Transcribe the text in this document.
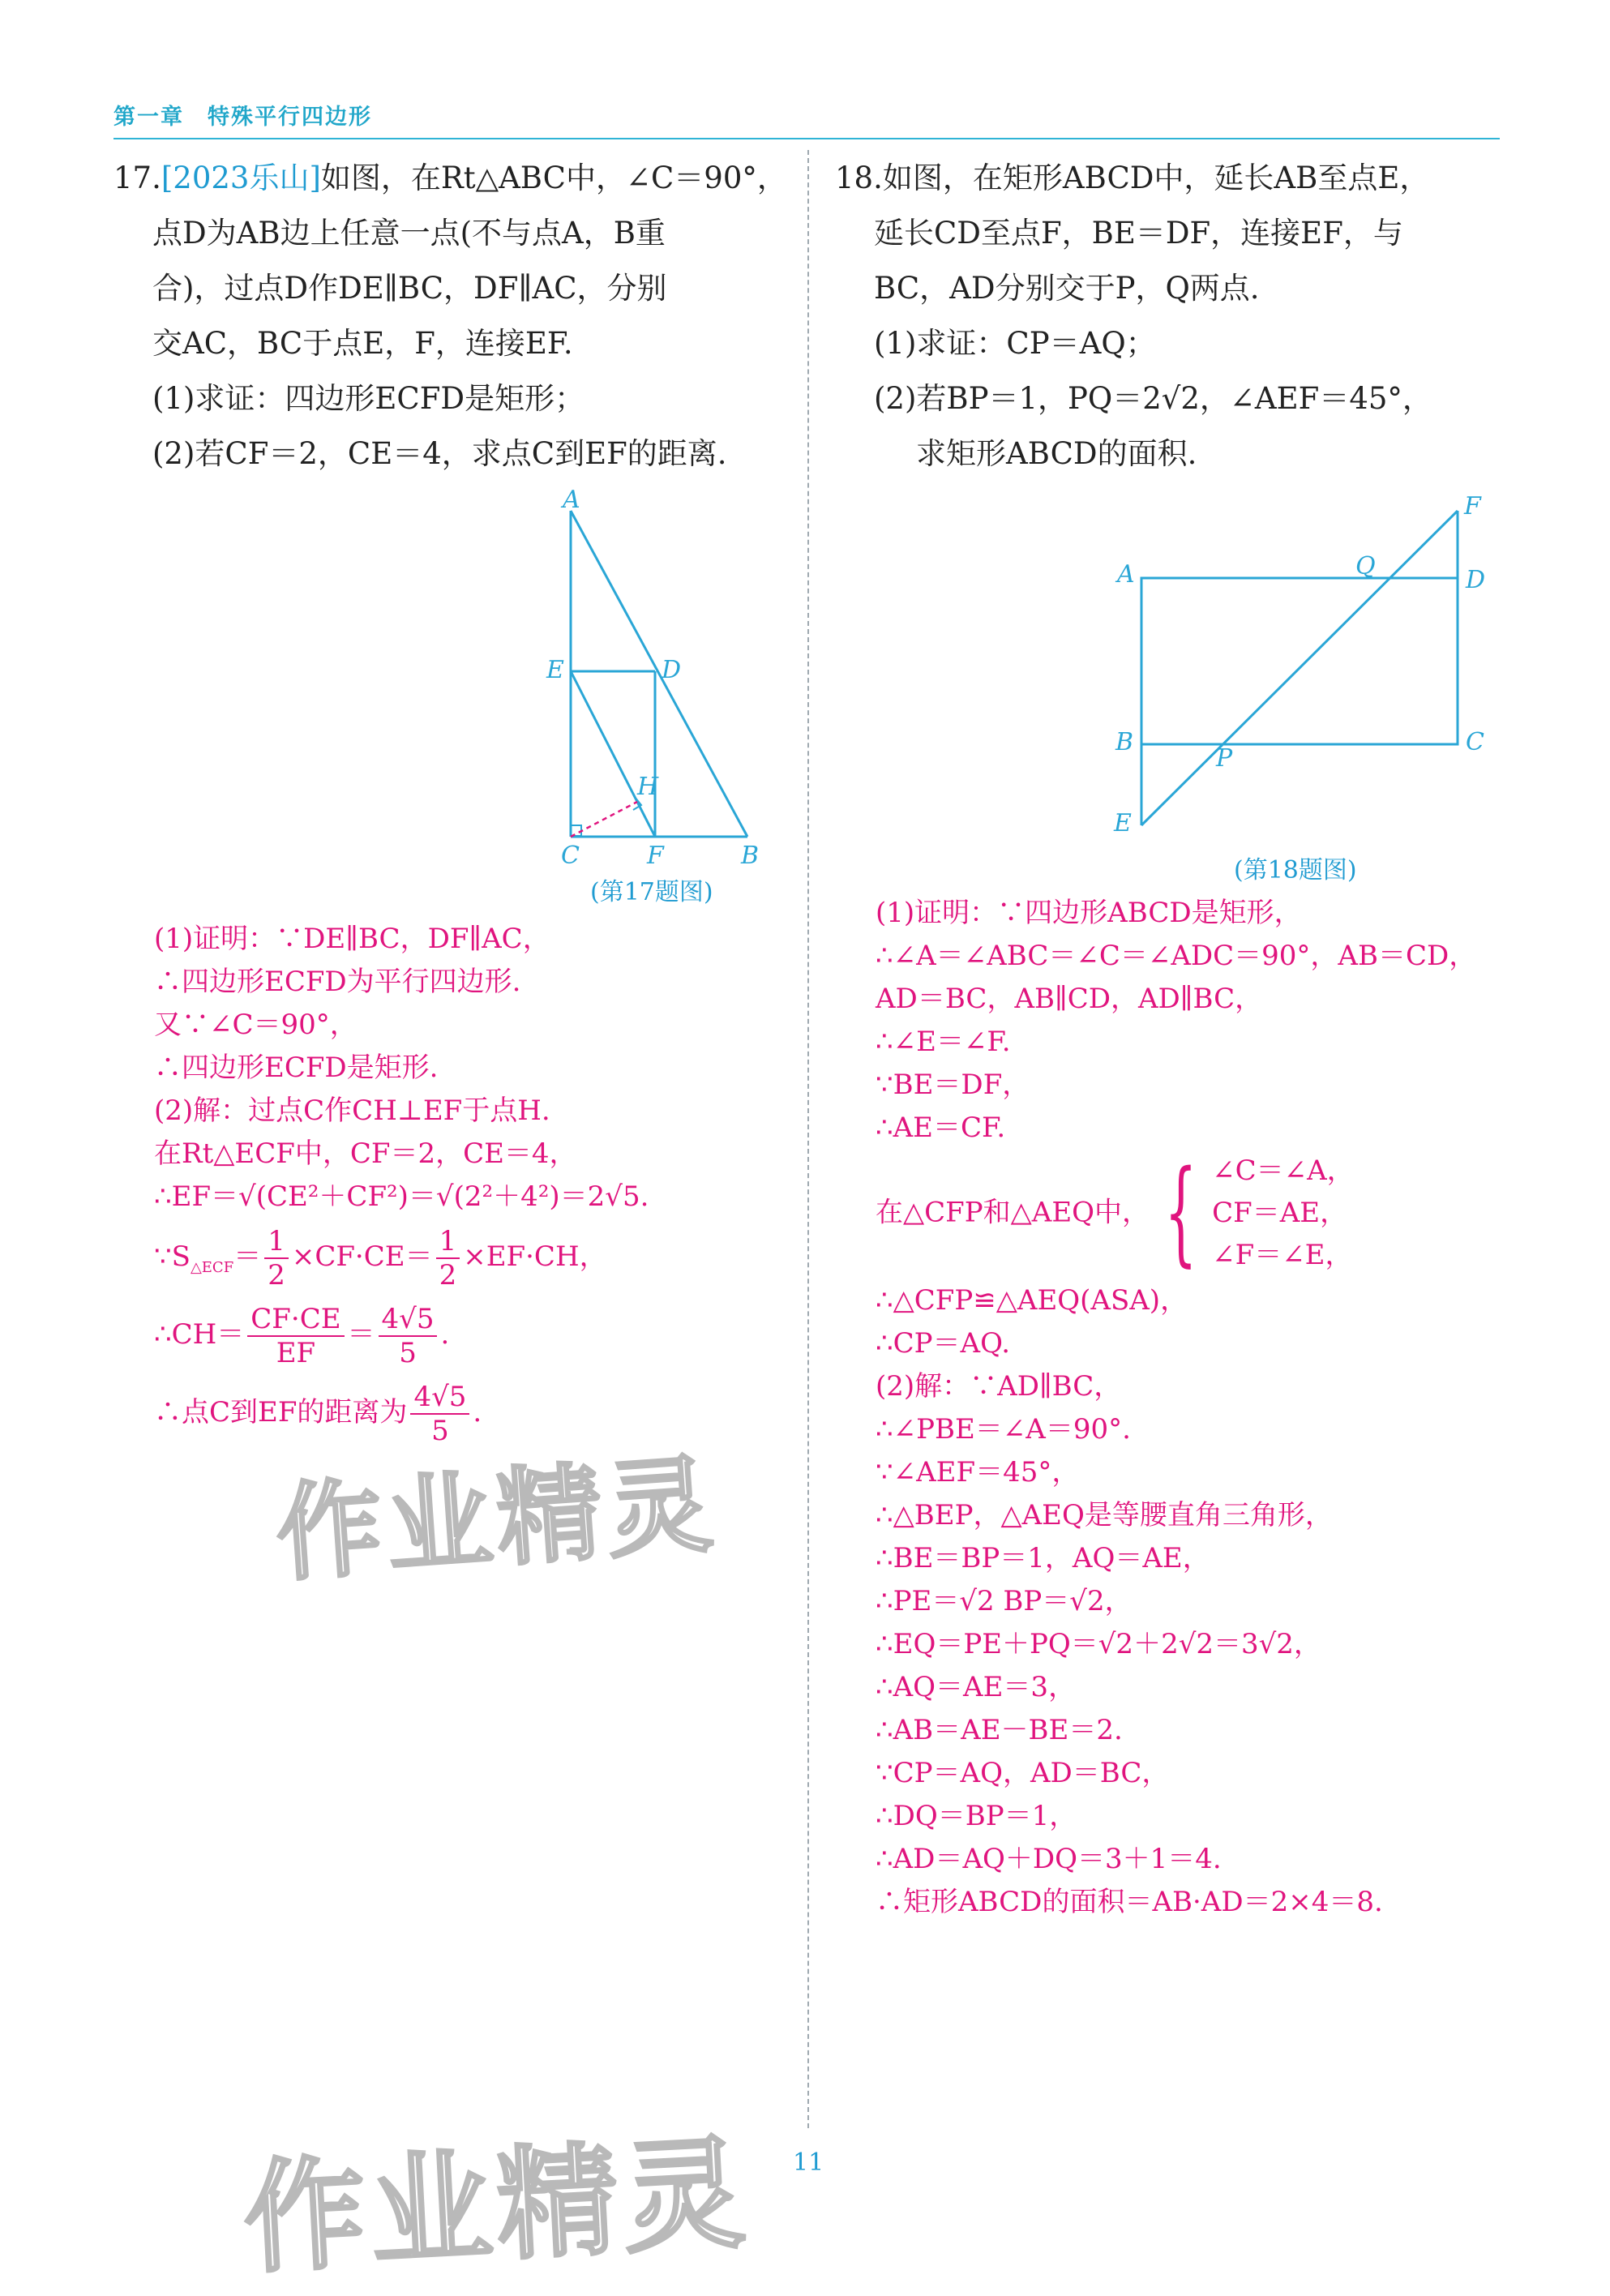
第一章　特殊平行四边形
17.[2023乐山]如图，在Rt△ABC中，∠C＝90°，
点D为AB边上任意一点(不与点A，B重
合)，过点D作DE∥BC，DF∥AC，分别
交AC，BC于点E，F，连接EF.
(1)求证：四边形ECFD是矩形；
(2)若CF＝2，CE＝4，求点C到EF的距离.
A
E	D
H
C	F	B
(第17题图)
(1)证明：∵DE∥BC，DF∥AC，
∴四边形ECFD为平行四边形.
又∵∠C＝90°，
∴四边形ECFD是矩形.
(2)解：过点C作CH⊥EF于点H.
在Rt△ECF中，CF＝2，CE＝4，
∴EF＝√(CE²＋CF²)＝√(2²＋4²)＝2√5.
$\because S_{\triangle ECF}= \frac{1}{2} \times CF\cdot CE= \frac{1}{2} \times EF\cdot CH$，
∴CH＝ $\frac{CF\cdot CE}{EF} = \frac{4√5}{5}$ .
∴点C到EF的距离为 $\frac{4√5}{5}$ .
作业精灵
18.如图，在矩形ABCD中，延长AB至点E，
延长CD至点F，BE＝DF，连接EF，与
BC，AD分别交于P，Q两点.
(1)求证：CP＝AQ；
(2)若BP＝1，PQ＝2√2，∠AEF＝45°，
求矩形ABCD的面积.
A	Q	D
F
B
P
C
E
(第18题图)
(1)证明：∵四边形ABCD是矩形，
∴∠A＝∠ABC＝∠C＝∠ADC＝90°，AB＝CD，
AD＝BC，AB∥CD，AD∥BC，
∴∠E＝∠F.
∵BE＝DF，
∴AE＝CF.
在△CFP和△AEQ中， { ∠C＝∠A，
CF＝AE，
∠F＝∠E，
∴△CFP≌△AEQ(ASA)，
∴CP＝AQ.
(2)解：∵AD∥BC，
∴∠PBE＝∠A＝90°.
∵∠AEF＝45°，
∴△BEP，△AEQ是等腰直角三角形，
∴BE＝BP＝1，AQ＝AE，
∴PE＝√2 BP＝√2，
∴EQ＝PE＋PQ＝√2＋2√2＝3√2，
∴AQ＝AE＝3，
∴AB＝AE－BE＝2.
∵CP＝AQ，AD＝BC，
∴DQ＝BP＝1，
∴AD＝AQ＋DQ＝3＋1＝4.
∴矩形ABCD的面积＝AB·AD＝2×4＝8.
作业精灵 11
